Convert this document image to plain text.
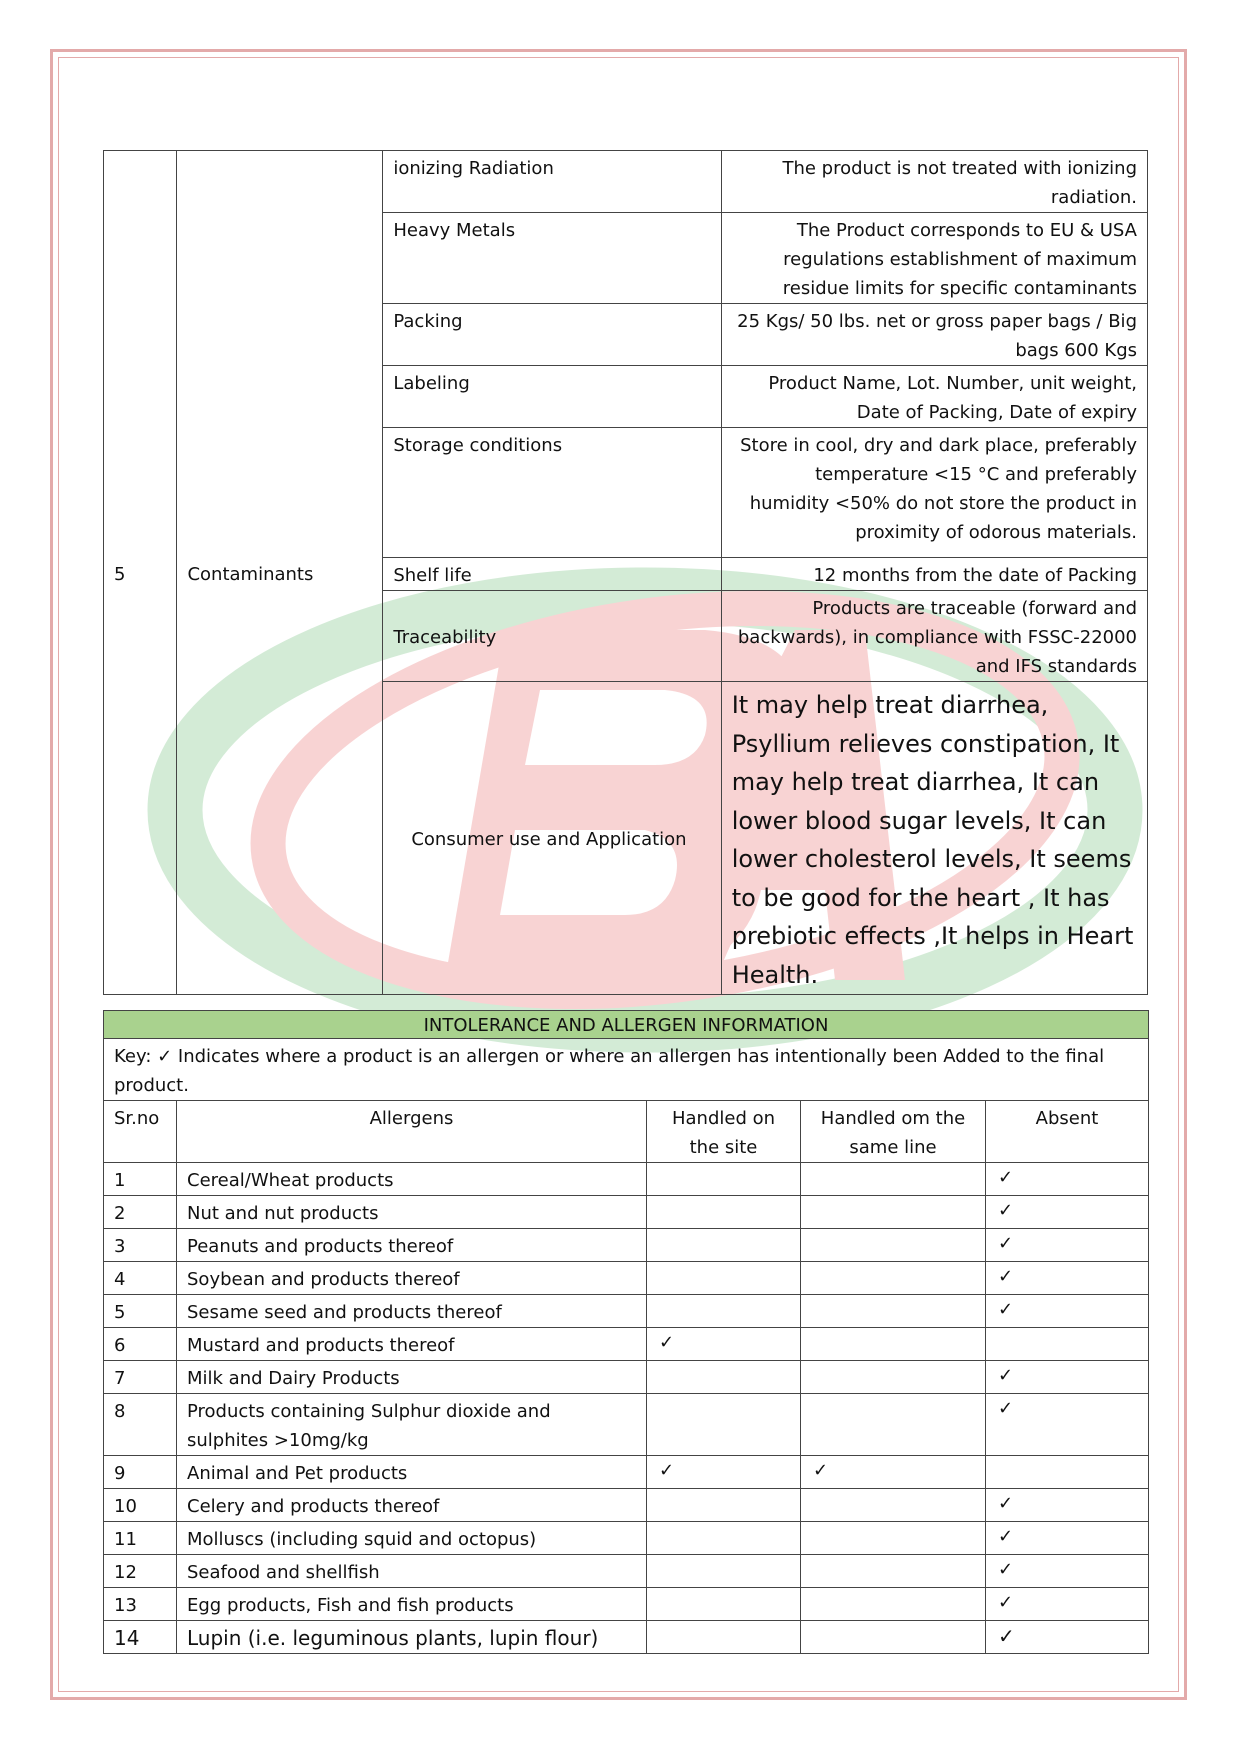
5	Contaminants	ionizing Radiation	The product is not treated with ionizing radiation.
		Heavy Metals	The Product corresponds to EU & USA regulations establishment of maximum residue limits for specific contaminants
		Packing	25 Kgs/ 50 lbs. net or gross paper bags / Big bags 600 Kgs
		Labeling	Product Name, Lot. Number, unit weight, Date of Packing, Date of expiry
		Storage conditions	Store in cool, dry and dark place, preferably temperature <15 °C and preferably humidity <50% do not store the product in proximity of odorous materials.
		Shelf life	12 months from the date of Packing
		Traceability	Products are traceable (forward and backwards), in compliance with FSSC-22000 and IFS standards
		Consumer use and Application	It may help treat diarrhea, Psyllium relieves constipation, It may help treat diarrhea, It can lower blood sugar levels, It can lower cholesterol levels, It seems to be good for the heart , It has prebiotic effects ,It helps in Heart Health.
INTOLERANCE AND ALLERGEN INFORMATION				
Key: ✓ Indicates where a product is an allergen or where an allergen has intentionally been Added to the final product.				
Sr.no	Allergens	Handled on the site	Handled om the same line	Absent
1	Cereal/Wheat products			✓
2	Nut and nut products			✓
3	Peanuts and products thereof			✓
4	Soybean and products thereof			✓
5	Sesame seed and products thereof			✓
6	Mustard and products thereof	✓		
7	Milk and Dairy Products			✓
8	Products containing Sulphur dioxide and sulphites >10mg/kg			✓
9	Animal and Pet products	✓	✓	
10	Celery and products thereof			✓
11	Molluscs (including squid and octopus)			✓
12	Seafood and shellfish			✓
13	Egg products, Fish and fish products			✓
14	Lupin (i.e. leguminous plants, lupin flour)			✓
